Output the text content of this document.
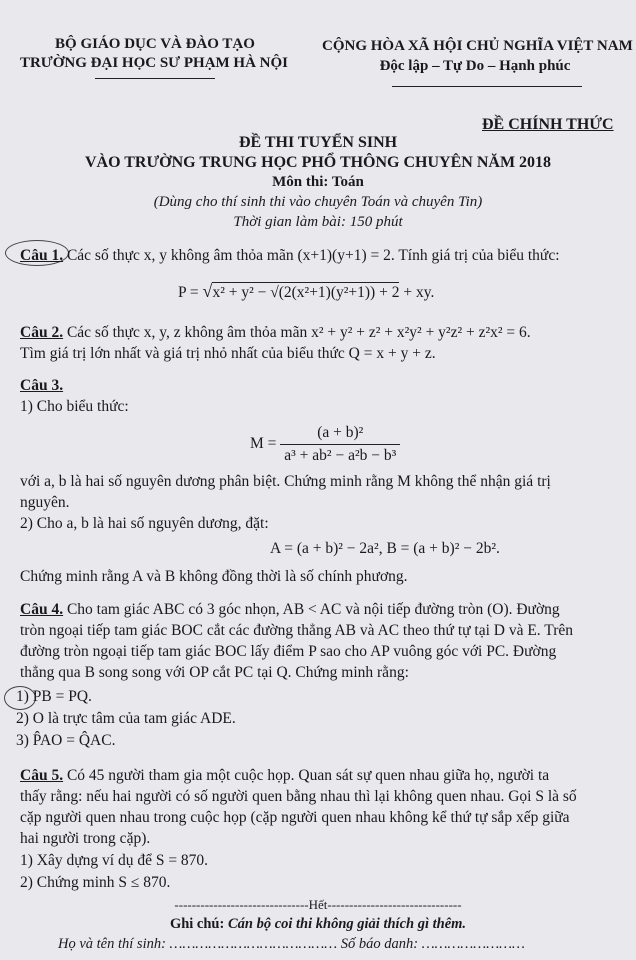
BỘ GIÁO DỤC VÀ ĐÀO TẠO
TRƯỜNG ĐẠI HỌC SƯ PHẠM HÀ NỘI
CỘNG HÒA XÃ HỘI CHỦ NGHĨA VIỆT NAM
Độc lập – Tự Do – Hạnh phúc
ĐỀ CHÍNH THỨC
ĐỀ THI TUYỂN SINH
VÀO TRƯỜNG TRUNG HỌC PHỔ THÔNG CHUYÊN NĂM 2018
Môn thi: Toán
(Dùng cho thí sinh thi vào chuyên Toán và chuyên Tin)
Thời gian làm bài: 150 phút
Câu 1. Các số thực x, y không âm thỏa mãn (x+1)(y+1) = 2. Tính giá trị của biểu thức:
P = √x² + y² − √(2(x²+1)(y²+1)) + 2 + xy.
Câu 2. Các số thực x, y, z không âm thỏa mãn x² + y² + z² + x²y² + y²z² + z²x² = 6.
Tìm giá trị lớn nhất và giá trị nhỏ nhất của biểu thức Q = x + y + z.
Câu 3.
1) Cho biểu thức:
$M = \frac{\text{(a + b)²}}{\text{a³ + ab² − a²b − b³}}$
với a, b là hai số nguyên dương phân biệt. Chứng minh rằng M không thể nhận giá trị
nguyên.
2) Cho a, b là hai số nguyên dương, đặt:
A = (a + b)² − 2a², B = (a + b)² − 2b².
Chứng minh rằng A và B không đồng thời là số chính phương.
Câu 4. Cho tam giác ABC có 3 góc nhọn, AB < AC và nội tiếp đường tròn (O). Đường
tròn ngoại tiếp tam giác BOC cắt các đường thẳng AB và AC theo thứ tự tại D và E. Trên
đường tròn ngoại tiếp tam giác BOC lấy điểm P sao cho AP vuông góc với PC. Đường
thẳng qua B song song với OP cắt PC tại Q. Chứng minh rằng:
1) PB = PQ.
2) O là trực tâm của tam giác ADE.
3) P̂AO = Q̂AC.
Câu 5. Có 45 người tham gia một cuộc họp. Quan sát sự quen nhau giữa họ, người ta
thấy rằng: nếu hai người có số người quen bằng nhau thì lại không quen nhau. Gọi S là số
cặp người quen nhau trong cuộc họp (cặp người quen nhau không kể thứ tự sắp xếp giữa
hai người trong cặp).
1) Xây dựng ví dụ để S = 870.
2) Chứng minh S ≤ 870.
-------------------------------Hết-------------------------------
Ghi chú: Cán bộ coi thi không giải thích gì thêm.
Họ và tên thí sinh: ………………………………… Số báo danh: ……………………
